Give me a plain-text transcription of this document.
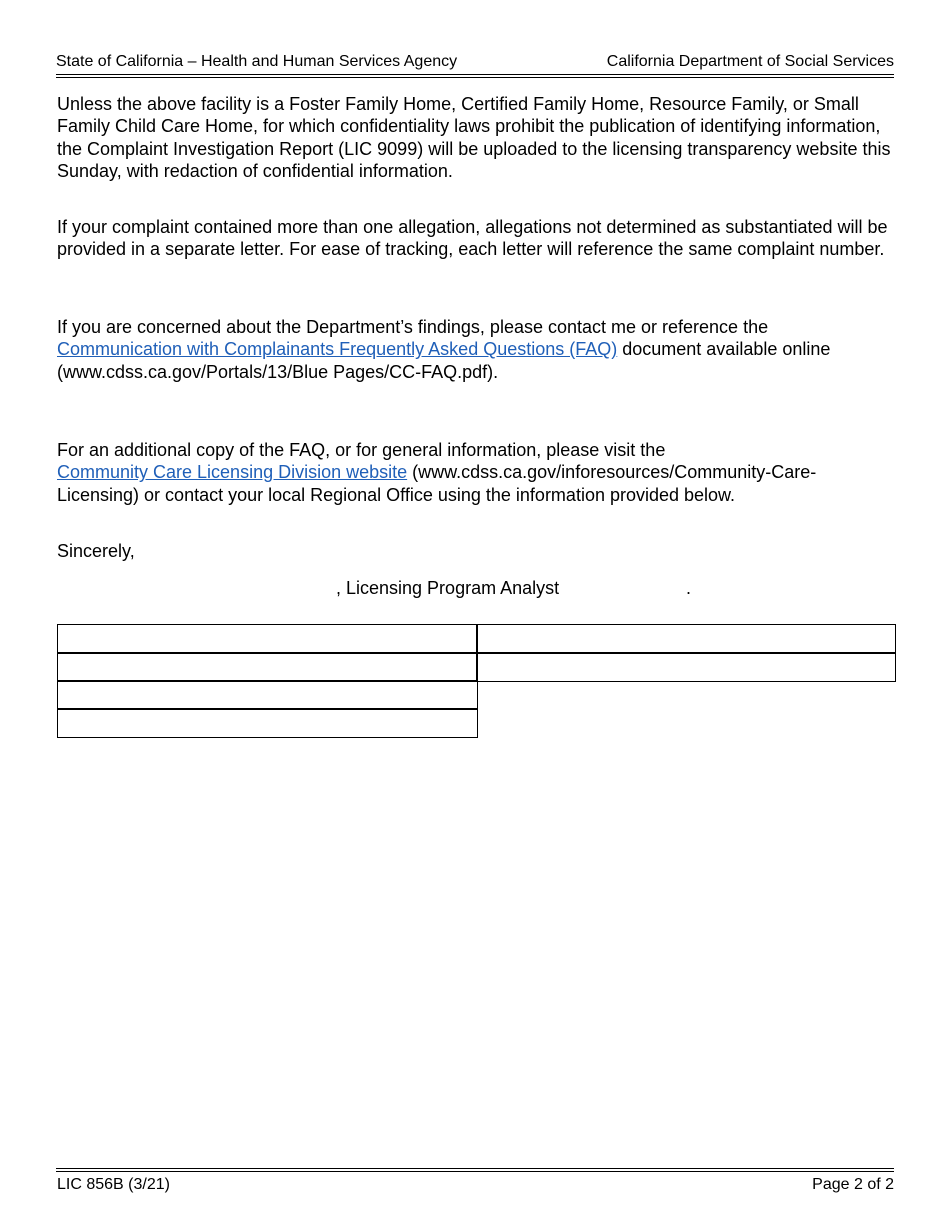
State of California – Health and Human Services Agency	California Department of Social Services

Unless the above facility is a Foster Family Home, Certified Family Home, Resource Family, or Small Family Child Care Home, for which confidentiality laws prohibit the publication of identifying information, the Complaint Investigation Report (LIC 9099) will be uploaded to the licensing transparency website this Sunday, with redaction of confidential information.

If your complaint contained more than one allegation, allegations not determined as substantiated will be provided in a separate letter. For ease of tracking, each letter will reference the same complaint number.

If you are concerned about the Department’s findings, please contact me or reference the
Communication with Complainants Frequently Asked Questions (FAQ) document available online (www.cdss.ca.gov/Portals/13/Blue Pages/CC-FAQ.pdf).

For an additional copy of the FAQ, or for general information, please visit the
Community Care Licensing Division website (www.cdss.ca.gov/inforesources/Community-Care-Licensing) or contact your local Regional Office using the information provided below.

Sincerely,

, Licensing Program Analyst	.
LIC 856B (3/21)	Page 2 of 2
